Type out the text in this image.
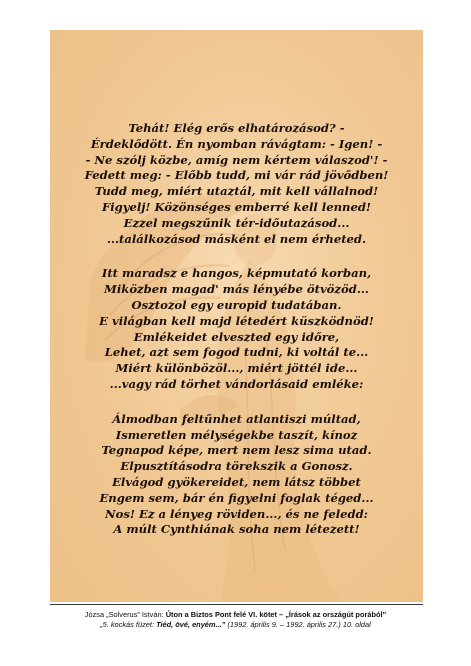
Tehát! Elég erős elhatározásod? -
Érdeklődött. Én nyomban rávágtam: - Igen! -
- Ne szólj közbe, amíg nem kértem válaszod'! -
Fedett meg: - Előbb tudd, mi vár rád jövődben!
Tudd meg, miért utaztál, mit kell vállalnod!
Figyelj! Közönséges emberré kell lenned!
Ezzel megszűnik tér-időutazásod...
...találkozásod másként el nem érheted.
Itt maradsz e hangos, képmutató korban,
Miközben magad' más lényébe ötvözöd...
Osztozol egy europid tudatában.
E világban kell majd létedért küszködnöd!
Emlékeidet elveszted egy időre,
Lehet, azt sem fogod tudni, ki voltál te...
Miért különbözöl..., miért jöttél ide...
...vagy rád törhet vándorlásaid emléke:
Álmodban feltűnhet atlantiszi múltad,
Ismeretlen mélységekbe taszít, kínoz
Tegnapod képe, mert nem lesz sima utad.
Elpusztításodra törekszik a Gonosz.
Elvágod gyökereidet, nem látsz többet
Engem sem, bár én figyelni foglak téged...
Nos! Ez a lényeg röviden..., és ne feledd:
A múlt Cynthiának soha nem létezett!
Józsa „Solverus” István: Úton a Biztos Pont felé VI. kötet – „Írások az országút porából”
„5. kockás füzet: Tiéd, övé, enyém...” (1992. április 9. – 1992. április 27.) 10. oldal
